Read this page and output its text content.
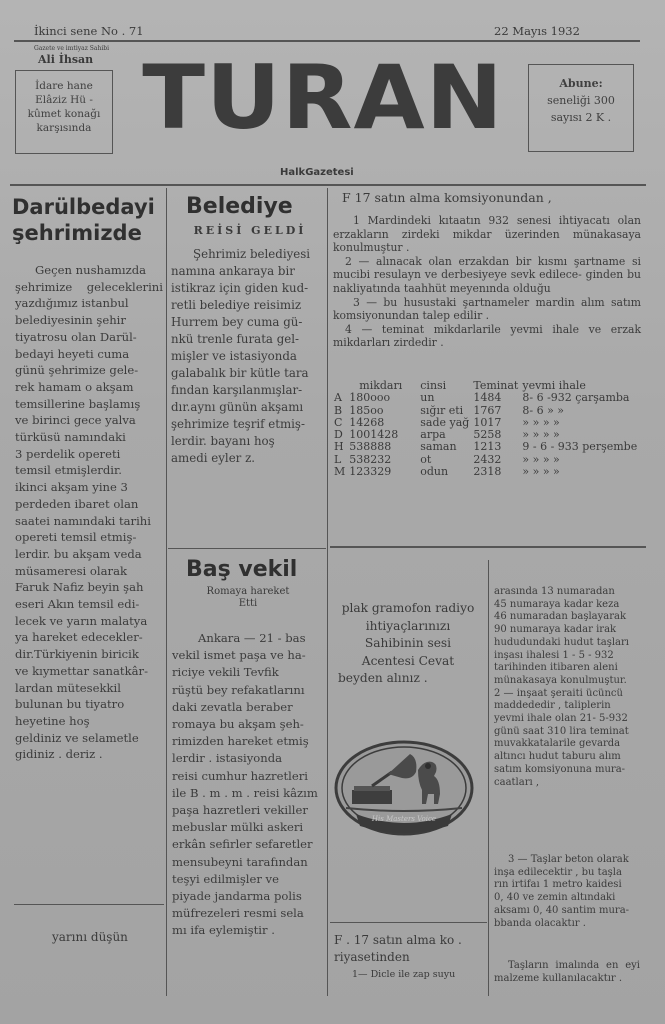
İkinci sene No . 71	22 Mayıs 1932
Gazete ve imtiyaz Sahibi
Ali İhsan
İdare hane
Elâziz Hü -
kûmet konağı
karşısında TURAN	Abune:
seneliği 300
sayısı 2 K .
HalkGazetesi
Darülbedayi
şehrimizde

Geçen nushamızda

şehrimize geleceklerini yazdığımız istanbul

belediyesinin şehir

tiyatrosu olan Darül-

bedayi heyeti cuma

günü şehrimize gele-

rek hamam o akşam

temsillerine başlamış

ve birinci gece yalva

türküsü namındaki

3 perdelik opereti

temsil etmişlerdir.

ikinci akşam yine 3

perdeden ibaret olan

saatei namındaki tarihi

opereti temsil etmiş-

lerdir. bu akşam veda

müsameresi olarak

Faruk Nafiz beyin şah

eseri Akın temsil edi-

lecek ve yarın malatya

ya hareket edecekler-

dir.Türkiyenin biricik

ve kıymettar sanatkâr-

lardan mütesekkil

bulunan bu tiyatro

heyetine hoş

geldiniz ve selametle

gidiniz . deriz .

yarını düşün
Belediye
REİSİ GELDİ

Şehrimiz belediyesi

namına ankaraya bir

istikraz için giden kud-

retli belediye reisimiz

Hurrem bey cuma gü-

nkü trenle furata gel-

mişler ve istasiyonda

galabalık bir kütle tara

fından karşılanmışlar-

dır.aynı günün akşamı

şehrimize teşrif etmiş-

lerdir. bayanı hoş

amedi eyler z.

F 17 satın alma komsiyonundan ,

1 Mardindeki kıtaatın 932 senesi ihtiyacatı olan erzakların zirdeki mikdar üzerinden münakasaya konulmuştur .

2 — alınacak olan erzakdan bir kısmı şartname si mucibi resulayn ve derbesiyeye sevk edilece- ginden bu nakliyatında taahhüt meyenında olduğu

3 — bu husustaki şartnameler mardin alım satım komsiyonundan talep edilir .

4 — teminat mikdarlarile yevmi ihale ve erzak mikdarları zirdedir .

	mikdarı	cinsi	Teminat	yevmi ihale
A	180ooo	un	1484	8- 6 -932 çarşamba
B	185oo	sığır eti	1767	8- 6 » »
C	14268	sade yağ	1017	» » » »
D	1001428	arpa	5258	» » » »
H	538888	saman	1213	9 - 6 - 933 perşembe
L	538232	ot	2432	» » » »
M	123329	odun	2318	» » » »
Baş vekil
Romaya hareket
Etti

Ankara — 21 - bas

vekil ismet paşa ve ha-

riciye vekili Tevfik

rüştü bey refakatlarını

daki zevatla beraber

romaya bu akşam şeh-

rimizden hareket etmiş

lerdir . istasiyonda

reisi cumhur hazretleri

ile B . m . m . reisi kâzım

paşa hazretleri vekiller

mebuslar mülki askeri

erkân sefirler sefaretler

mensubeyni tarafından

teşyi edilmişler ve

piyade jandarma polis

müfrezeleri resmi sela

mı ifa eylemiştir .

plak gramofon radiyo
ihtiyaçlarınızı
Sahibinin sesi
Acentesi Cevat
beyden alınız .
His Masters Voice
F . 17 satın alma ko .
riyasetinden
1— Dicle ile zap suyu

arasında 13 numaradan

45 numaraya kadar keza

46 numaradan başlayarak

90 numaraya kadar irak

hududundaki hudut taşları

inşası ihalesi 1 - 5 - 932

tarihinden itibaren aleni

münakasaya konulmuştur.

2 — inşaat şeraiti ücüncü

maddededir , taliplerin

yevmi ihale olan 21- 5-932

günü saat 310 lira teminat

muvakkatalarile gevarda

altıncı hudut taburu alım

satım komsiyonuna mura-

caatları ,

3 — Taşlar beton olarak

inşa edilecektir , bu taşla

rın irtifaı 1 metro kaidesi

0, 40 ve zemin altındaki

aksamı 0, 40 santim mura-

bbanda olacaktır .

Taşların imalında en eyi malzeme kullanılacaktır .
